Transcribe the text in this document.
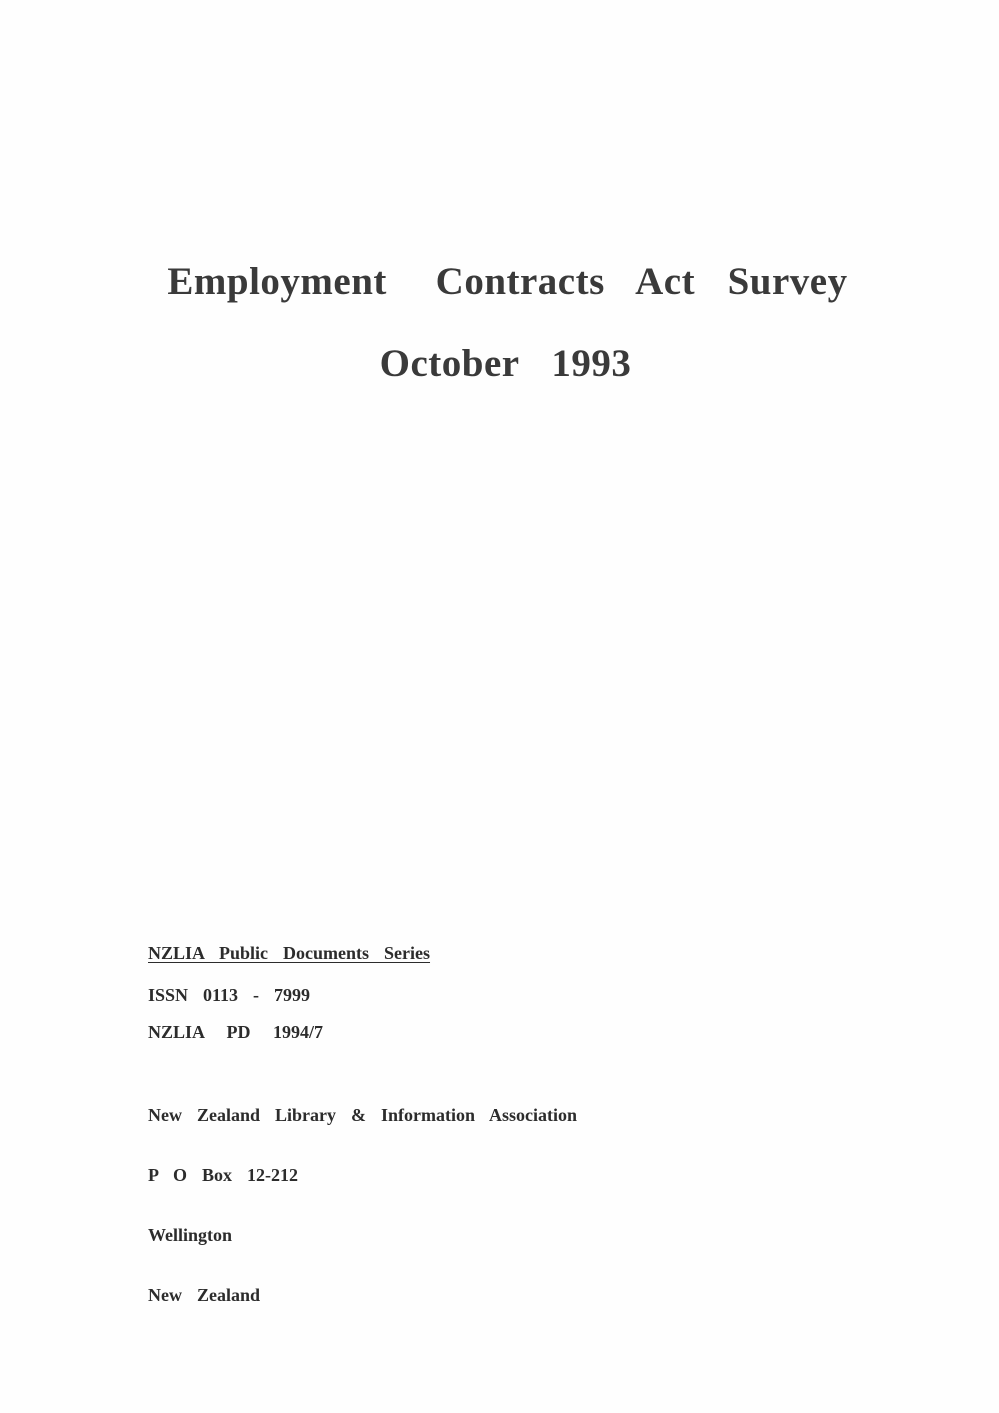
Employment   Contracts  Act  Survey
October  1993
NZLIA  Public  Documents  Series
ISSN  0113  -  7999
NZLIA   PD   1994/7

New  Zealand  Library  &  Information  Association

P  O  Box  12-212

Wellington

New  Zealand
